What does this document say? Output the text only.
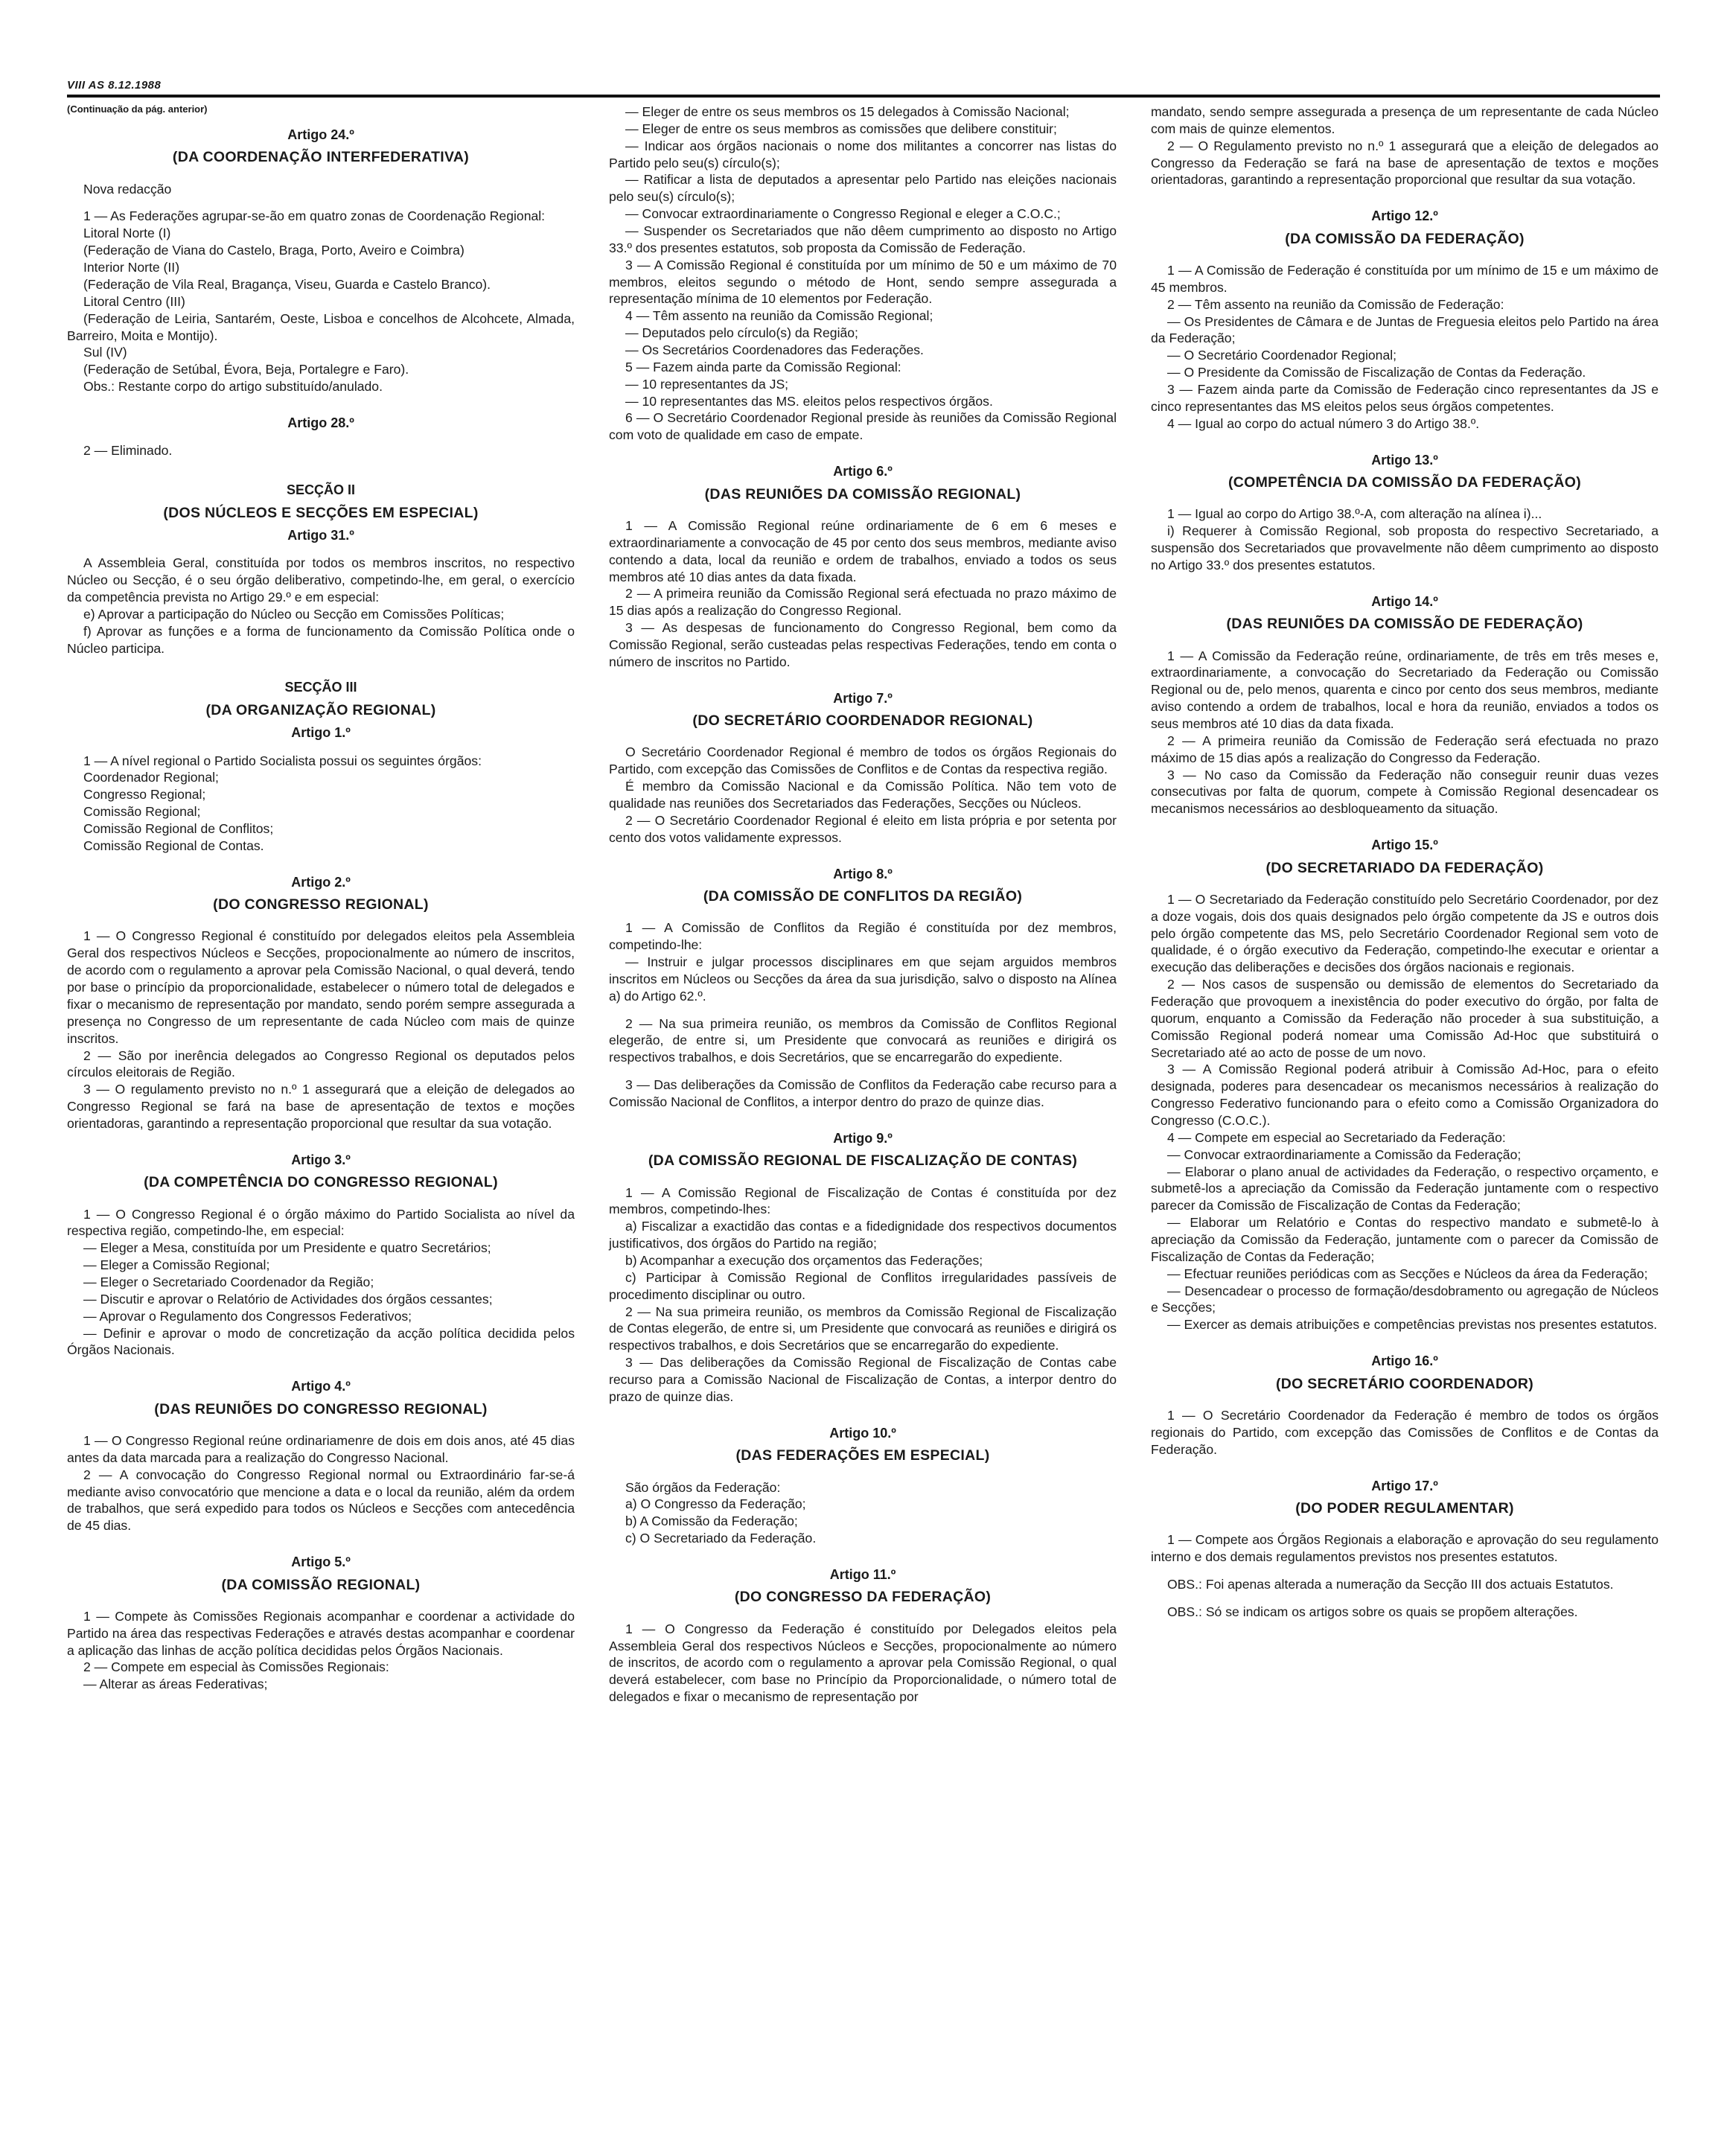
VIII AS 8.12.1988

(Continuação da pág. anterior)

Artigo 24.º

(DA COORDENAÇÃO INTERFEDERATIVA)

Nova redacção

1 — As Federações agrupar-se-ão em quatro zonas de Coordenação Regional:

Litoral Norte (I)

(Federação de Viana do Castelo, Braga, Porto, Aveiro e Coimbra)

Interior Norte (II)

(Federação de Vila Real, Bragança, Viseu, Guarda e Castelo Branco).

Litoral Centro (III)

(Federação de Leiria, Santarém, Oeste, Lisboa e concelhos de Alcohcete, Almada, Barreiro, Moita e Montijo).

Sul (IV)

(Federação de Setúbal, Évora, Beja, Portalegre e Faro).

Obs.: Restante corpo do artigo substituído/anulado.

Artigo 28.º

2 — Eliminado.

SECÇÃO II

(DOS NÚCLEOS E SECÇÕES EM ESPECIAL)

Artigo 31.º

A Assembleia Geral, constituída por todos os membros inscritos, no respectivo Núcleo ou Secção, é o seu órgão deliberativo, competindo-lhe, em geral, o exercício da competência prevista no Artigo 29.º e em especial:

e) Aprovar a participação do Núcleo ou Secção em Comissões Políticas;

f) Aprovar as funções e a forma de funcionamento da Comissão Política onde o Núcleo participa.

SECÇÃO III

(DA ORGANIZAÇÃO REGIONAL)

Artigo 1.º

1 — A nível regional o Partido Socialista possui os seguintes órgãos:

Coordenador Regional;

Congresso Regional;

Comissão Regional;

Comissão Regional de Conflitos;

Comissão Regional de Contas.

Artigo 2.º

(DO CONGRESSO REGIONAL)

1 — O Congresso Regional é constituído por delegados eleitos pela Assembleia Geral dos respectivos Núcleos e Secções, propocionalmente ao número de inscritos, de acordo com o regulamento a aprovar pela Comissão Nacional, o qual deverá, tendo por base o princípio da proporcionalidade, estabelecer o número total de delegados e fixar o mecanismo de representação por mandato, sendo porém sempre assegurada a presença no Congresso de um representante de cada Núcleo com mais de quinze inscritos.

2 — São por inerência delegados ao Congresso Regional os deputados pelos círculos eleitorais de Região.

3 — O regulamento previsto no n.º 1 assegurará que a eleição de delegados ao Congresso Regional se fará na base de apresentação de textos e moções orientadoras, garantindo a representação proporcional que resultar da sua votação.

Artigo 3.º

(DA COMPETÊNCIA DO CONGRESSO REGIONAL)

1 — O Congresso Regional é o órgão máximo do Partido Socialista ao nível da respectiva região, competindo-lhe, em especial:

— Eleger a Mesa, constituída por um Presidente e quatro Secretários;

— Eleger a Comissão Regional;

— Eleger o Secretariado Coordenador da Região;

— Discutir e aprovar o Relatório de Actividades dos órgãos cessantes;

— Aprovar o Regulamento dos Congressos Federativos;

— Definir e aprovar o modo de concretização da acção política decidida pelos Órgãos Nacionais.

Artigo 4.º

(DAS REUNIÕES DO CONGRESSO REGIONAL)

1 — O Congresso Regional reúne ordinariamenre de dois em dois anos, até 45 dias antes da data marcada para a realização do Congresso Nacional.

2 — A convocação do Congresso Regional normal ou Extraordinário far-se-á mediante aviso convocatório que mencione a data e o local da reunião, além da ordem de trabalhos, que será expedido para todos os Núcleos e Secções com antecedência de 45 dias.

Artigo 5.º

(DA COMISSÃO REGIONAL)

1 — Compete às Comissões Regionais acompanhar e coordenar a actividade do Partido na área das respectivas Federações e através destas acompanhar e coordenar a aplicação das linhas de acção política decididas pelos Órgãos Nacionais.

2 — Compete em especial às Comissões Regionais:

— Alterar as áreas Federativas;

— Eleger de entre os seus membros os 15 delegados à Comissão Nacional;

— Eleger de entre os seus membros as comissões que delibere constituir;

— Indicar aos órgãos nacionais o nome dos militantes a concorrer nas listas do Partido pelo seu(s) círculo(s);

— Ratificar a lista de deputados a apresentar pelo Partido nas eleições nacionais pelo seu(s) círculo(s);

— Convocar extraordinariamente o Congresso Regional e eleger a C.O.C.;

— Suspender os Secretariados que não dêem cumprimento ao disposto no Artigo 33.º dos presentes estatutos, sob proposta da Comissão de Federação.

3 — A Comissão Regional é constituída por um mínimo de 50 e um máximo de 70 membros, eleitos segundo o método de Hont, sendo sempre assegurada a representação mínima de 10 elementos por Federação.

4 — Têm assento na reunião da Comissão Regional;

— Deputados pelo círculo(s) da Região;

— Os Secretários Coordenadores das Federações.

5 — Fazem ainda parte da Comissão Regional:

— 10 representantes da JS;

— 10 representantes das MS. eleitos pelos respectivos órgãos.

6 — O Secretário Coordenador Regional preside às reuniões da Comissão Regional com voto de qualidade em caso de empate.

Artigo 6.º

(DAS REUNIÕES DA COMISSÃO REGIONAL)

1 — A Comissão Regional reúne ordinariamente de 6 em 6 meses e extraordinariamente a convocação de 45 por cento dos seus membros, mediante aviso contendo a data, local da reunião e ordem de trabalhos, enviado a todos os seus membros até 10 dias antes da data fixada.

2 — A primeira reunião da Comissão Regional será efectuada no prazo máximo de 15 dias após a realização do Congresso Regional.

3 — As despesas de funcionamento do Congresso Regional, bem como da Comissão Regional, serão custeadas pelas respectivas Federações, tendo em conta o número de inscritos no Partido.

Artigo 7.º

(DO SECRETÁRIO COORDENADOR REGIONAL)

O Secretário Coordenador Regional é membro de todos os órgãos Regionais do Partido, com excepção das Comissões de Conflitos e de Contas da respectiva região.

É membro da Comissão Nacional e da Comissão Política. Não tem voto de qualidade nas reuniões dos Secretariados das Federações, Secções ou Núcleos.

2 — O Secretário Coordenador Regional é eleito em lista própria e por setenta por cento dos votos validamente expressos.

Artigo 8.º

(DA COMISSÃO DE CONFLITOS DA REGIÃO)

1 — A Comissão de Conflitos da Região é constituída por dez membros, competindo-lhe:

— Instruir e julgar processos disciplinares em que sejam arguidos membros inscritos em Núcleos ou Secções da área da sua jurisdição, salvo o disposto na Alínea a) do Artigo 62.º.

2 — Na sua primeira reunião, os membros da Comissão de Conflitos Regional elegerão, de entre si, um Presidente que convocará as reuniões e dirigirá os respectivos trabalhos, e dois Secretários, que se encarregarão do expediente.

3 — Das deliberações da Comissão de Conflitos da Federação cabe recurso para a Comissão Nacional de Conflitos, a interpor dentro do prazo de quinze dias.

Artigo 9.º

(DA COMISSÃO REGIONAL DE FISCALIZAÇÃO DE CONTAS)

1 — A Comissão Regional de Fiscalização de Contas é constituída por dez membros, competindo-lhes:

a) Fiscalizar a exactidão das contas e a fidedignidade dos respectivos documentos justificativos, dos órgãos do Partido na região;

b) Acompanhar a execução dos orçamentos das Federações;

c) Participar à Comissão Regional de Conflitos irregularidades passíveis de procedimento disciplinar ou outro.

2 — Na sua primeira reunião, os membros da Comissão Regional de Fiscalização de Contas elegerão, de entre si, um Presidente que convocará as reuniões e dirigirá os respectivos trabalhos, e dois Secretários que se encarregarão do expediente.

3 — Das deliberações da Comissão Regional de Fiscalização de Contas cabe recurso para a Comissão Nacional de Fiscalização de Contas, a interpor dentro do prazo de quinze dias.

Artigo 10.º

(DAS FEDERAÇÕES EM ESPECIAL)

São órgãos da Federação:

a) O Congresso da Federação;

b) A Comissão da Federação;

c) O Secretariado da Federação.

Artigo 11.º

(DO CONGRESSO DA FEDERAÇÃO)

1 — O Congresso da Federação é constituído por Delegados eleitos pela Assembleia Geral dos respectivos Núcleos e Secções, propocionalmente ao número de inscritos, de acordo com o regulamento a aprovar pela Comissão Regional, o qual deverá estabelecer, com base no Princípio da Proporcionalidade, o número total de delegados e fixar o mecanismo de representação por

mandato, sendo sempre assegurada a presença de um representante de cada Núcleo com mais de quinze elementos.

2 — O Regulamento previsto no n.º 1 assegurará que a eleição de delegados ao Congresso da Federação se fará na base de apresentação de textos e moções orientadoras, garantindo a representação proporcional que resultar da sua votação.

Artigo 12.º

(DA COMISSÃO DA FEDERAÇÃO)

1 — A Comissão de Federação é constituída por um mínimo de 15 e um máximo de 45 membros.

2 — Têm assento na reunião da Comissão de Federação:

— Os Presidentes de Câmara e de Juntas de Freguesia eleitos pelo Partido na área da Federação;

— O Secretário Coordenador Regional;

— O Presidente da Comissão de Fiscalização de Contas da Federação.

3 — Fazem ainda parte da Comissão de Federação cinco representantes da JS e cinco representantes das MS eleitos pelos seus órgãos competentes.

4 — Igual ao corpo do actual número 3 do Artigo 38.º.

Artigo 13.º

(COMPETÊNCIA DA COMISSÃO DA FEDERAÇÃO)

1 — Igual ao corpo do Artigo 38.º-A, com alteração na alínea i)...

i) Requerer à Comissão Regional, sob proposta do respectivo Secretariado, a suspensão dos Secretariados que provavelmente não dêem cumprimento ao disposto no Artigo 33.º dos presentes estatutos.

Artigo 14.º

(DAS REUNIÕES DA COMISSÃO DE FEDERAÇÃO)

1 — A Comissão da Federação reúne, ordinariamente, de três em três meses e, extraordinariamente, a convocação do Secretariado da Federação ou Comissão Regional ou de, pelo menos, quarenta e cinco por cento dos seus membros, mediante aviso contendo a ordem de trabalhos, local e hora da reunião, enviados a todos os seus membros até 10 dias da data fixada.

2 — A primeira reunião da Comissão de Federação será efectuada no prazo máximo de 15 dias após a realização do Congresso da Federação.

3 — No caso da Comissão da Federação não conseguir reunir duas vezes consecutivas por falta de quorum, compete à Comissão Regional desencadear os mecanismos necessários ao desbloqueamento da situação.

Artigo 15.º

(DO SECRETARIADO DA FEDERAÇÃO)

1 — O Secretariado da Federação constituído pelo Secretário Coordenador, por dez a doze vogais, dois dos quais designados pelo órgão competente da JS e outros dois pelo órgão competente das MS, pelo Secretário Coordenador Regional sem voto de qualidade, é o órgão executivo da Federação, competindo-lhe executar e orientar a execução das deliberações e decisões dos órgãos nacionais e regionais.

2 — Nos casos de suspensão ou demissão de elementos do Secretariado da Federação que provoquem a inexistência do poder executivo do órgão, por falta de quorum, enquanto a Comissão da Federação não proceder à sua substituição, a Comissão Regional poderá nomear uma Comissão Ad-Hoc que substituirá o Secretariado até ao acto de posse de um novo.

3 — A Comissão Regional poderá atribuir à Comissão Ad-Hoc, para o efeito designada, poderes para desencadear os mecanismos necessários à realização do Congresso Federativo funcionando para o efeito como a Comissão Organizadora do Congresso (C.O.C.).

4 — Compete em especial ao Secretariado da Federação:

— Convocar extraordinariamente a Comissão da Federação;

— Elaborar o plano anual de actividades da Federação, o respectivo orçamento, e submetê-los a apreciação da Comissão da Federação juntamente com o respectivo parecer da Comissão de Fiscalização de Contas da Federação;

— Elaborar um Relatório e Contas do respectivo mandato e submetê-lo à apreciação da Comissão da Federação, juntamente com o parecer da Comissão de Fiscalização de Contas da Federação;

— Efectuar reuniões periódicas com as Secções e Núcleos da área da Federação;

— Desencadear o processo de formação/desdobramento ou agregação de Núcleos e Secções;

— Exercer as demais atribuições e competências previstas nos presentes estatutos.

Artigo 16.º

(DO SECRETÁRIO COORDENADOR)

1 — O Secretário Coordenador da Federação é membro de todos os órgãos regionais do Partido, com excepção das Comissões de Conflitos e de Contas da Federação.

Artigo 17.º

(DO PODER REGULAMENTAR)

1 — Compete aos Órgãos Regionais a elaboração e aprovação do seu regulamento interno e dos demais regulamentos previstos nos presentes estatutos.

OBS.: Foi apenas alterada a numeração da Secção III dos actuais Estatutos.

OBS.: Só se indicam os artigos sobre os quais se propõem alterações.
